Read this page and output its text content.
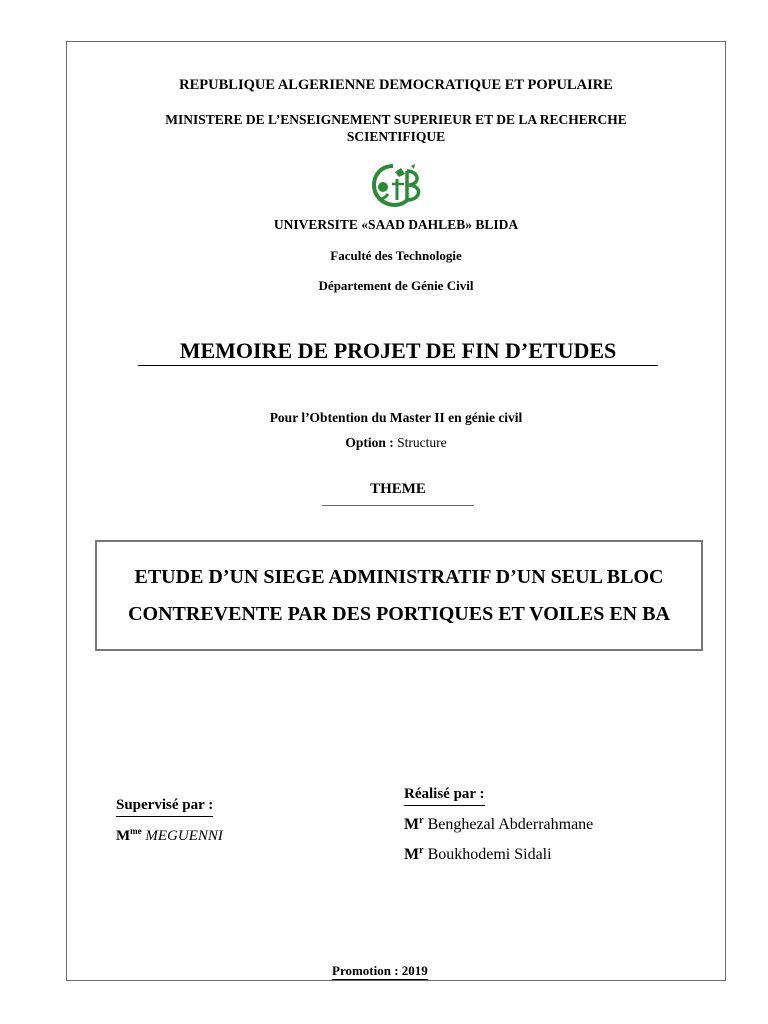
REPUBLIQUE ALGERIENNE DEMOCRATIQUE ET POPULAIRE
MINISTERE DE L’ENSEIGNEMENT SUPERIEUR ET DE LA RECHERCHE
SCIENTIFIQUE
UNIVERSITE «SAAD DAHLEB» BLIDA
Faculté des Technologie
Département de Génie Civil
MEMOIRE DE PROJET DE FIN D’ETUDES
Pour l’Obtention du Master II en génie civil
Option : Structure
THEME
ETUDE D’UN SIEGE ADMINISTRATIF D’UN SEUL BLOC CONTREVENTE PAR DES PORTIQUES ET VOILES EN BA
Supervisé par :
$M^{me}$ MEGUENNI
Réalisé par :
$M^r$ Benghezal Abderrahmane
$M^r$ Boukhodemi Sidali
Promotion : 2019
